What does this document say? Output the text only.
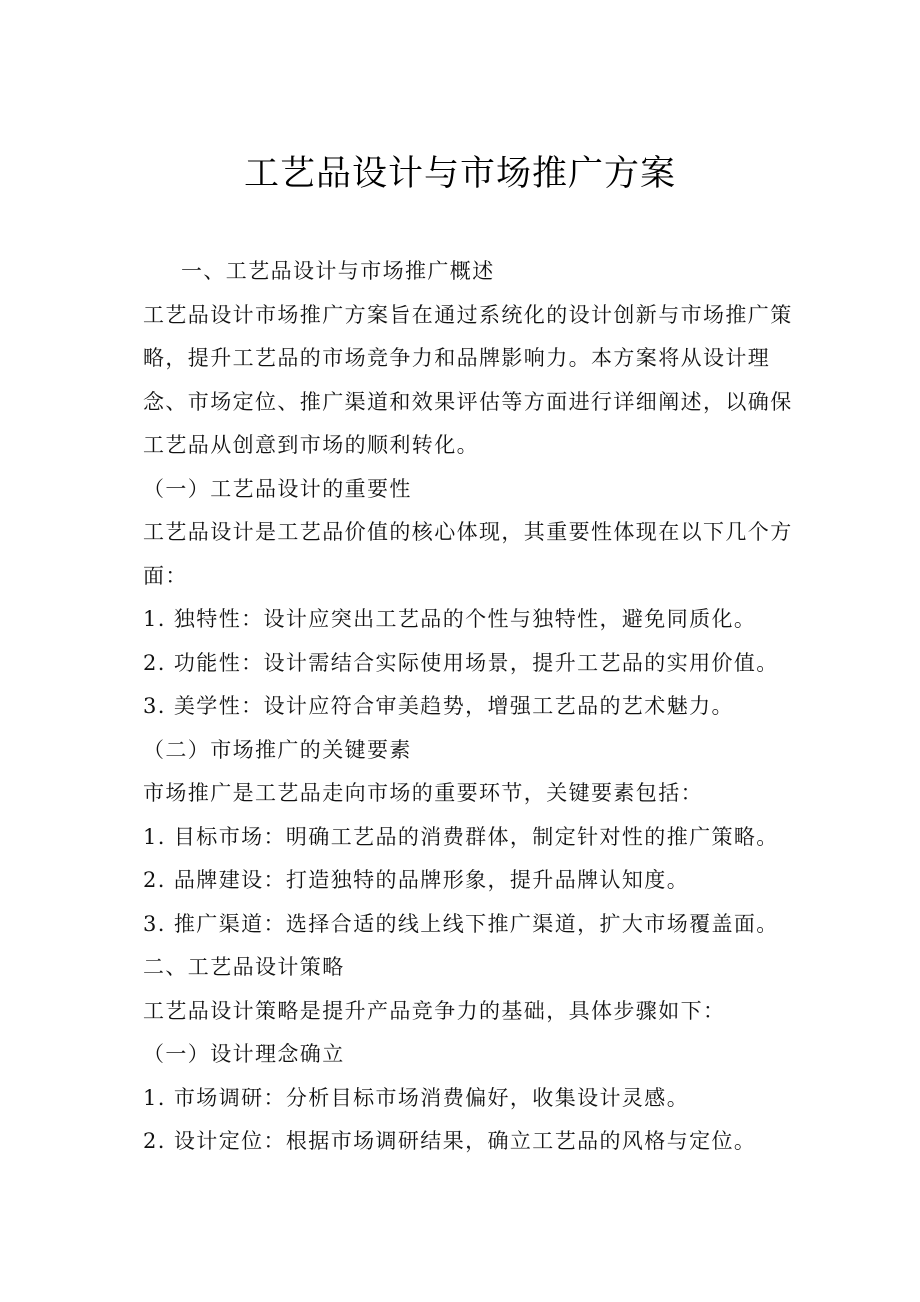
工艺品设计与市场推广方案

一、工艺品设计与市场推广概述

工艺品设计市场推广方案旨在通过系统化的设计创新与市场推广策

略，提升工艺品的市场竞争力和品牌影响力。本方案将从设计理

念、市场定位、推广渠道和效果评估等方面进行详细阐述，以确保

工艺品从创意到市场的顺利转化。

（一）工艺品设计的重要性

工艺品设计是工艺品价值的核心体现，其重要性体现在以下几个方

面：

1. 独特性：设计应突出工艺品的个性与独特性，避免同质化。

2. 功能性：设计需结合实际使用场景，提升工艺品的实用价值。

3. 美学性：设计应符合审美趋势，增强工艺品的艺术魅力。

（二）市场推广的关键要素

市场推广是工艺品走向市场的重要环节，关键要素包括：

1. 目标市场：明确工艺品的消费群体，制定针对性的推广策略。

2. 品牌建设：打造独特的品牌形象，提升品牌认知度。

3. 推广渠道：选择合适的线上线下推广渠道，扩大市场覆盖面。

二、工艺品设计策略

工艺品设计策略是提升产品竞争力的基础，具体步骤如下：

（一）设计理念确立

1. 市场调研：分析目标市场消费偏好，收集设计灵感。

2. 设计定位：根据市场调研结果，确立工艺品的风格与定位。
